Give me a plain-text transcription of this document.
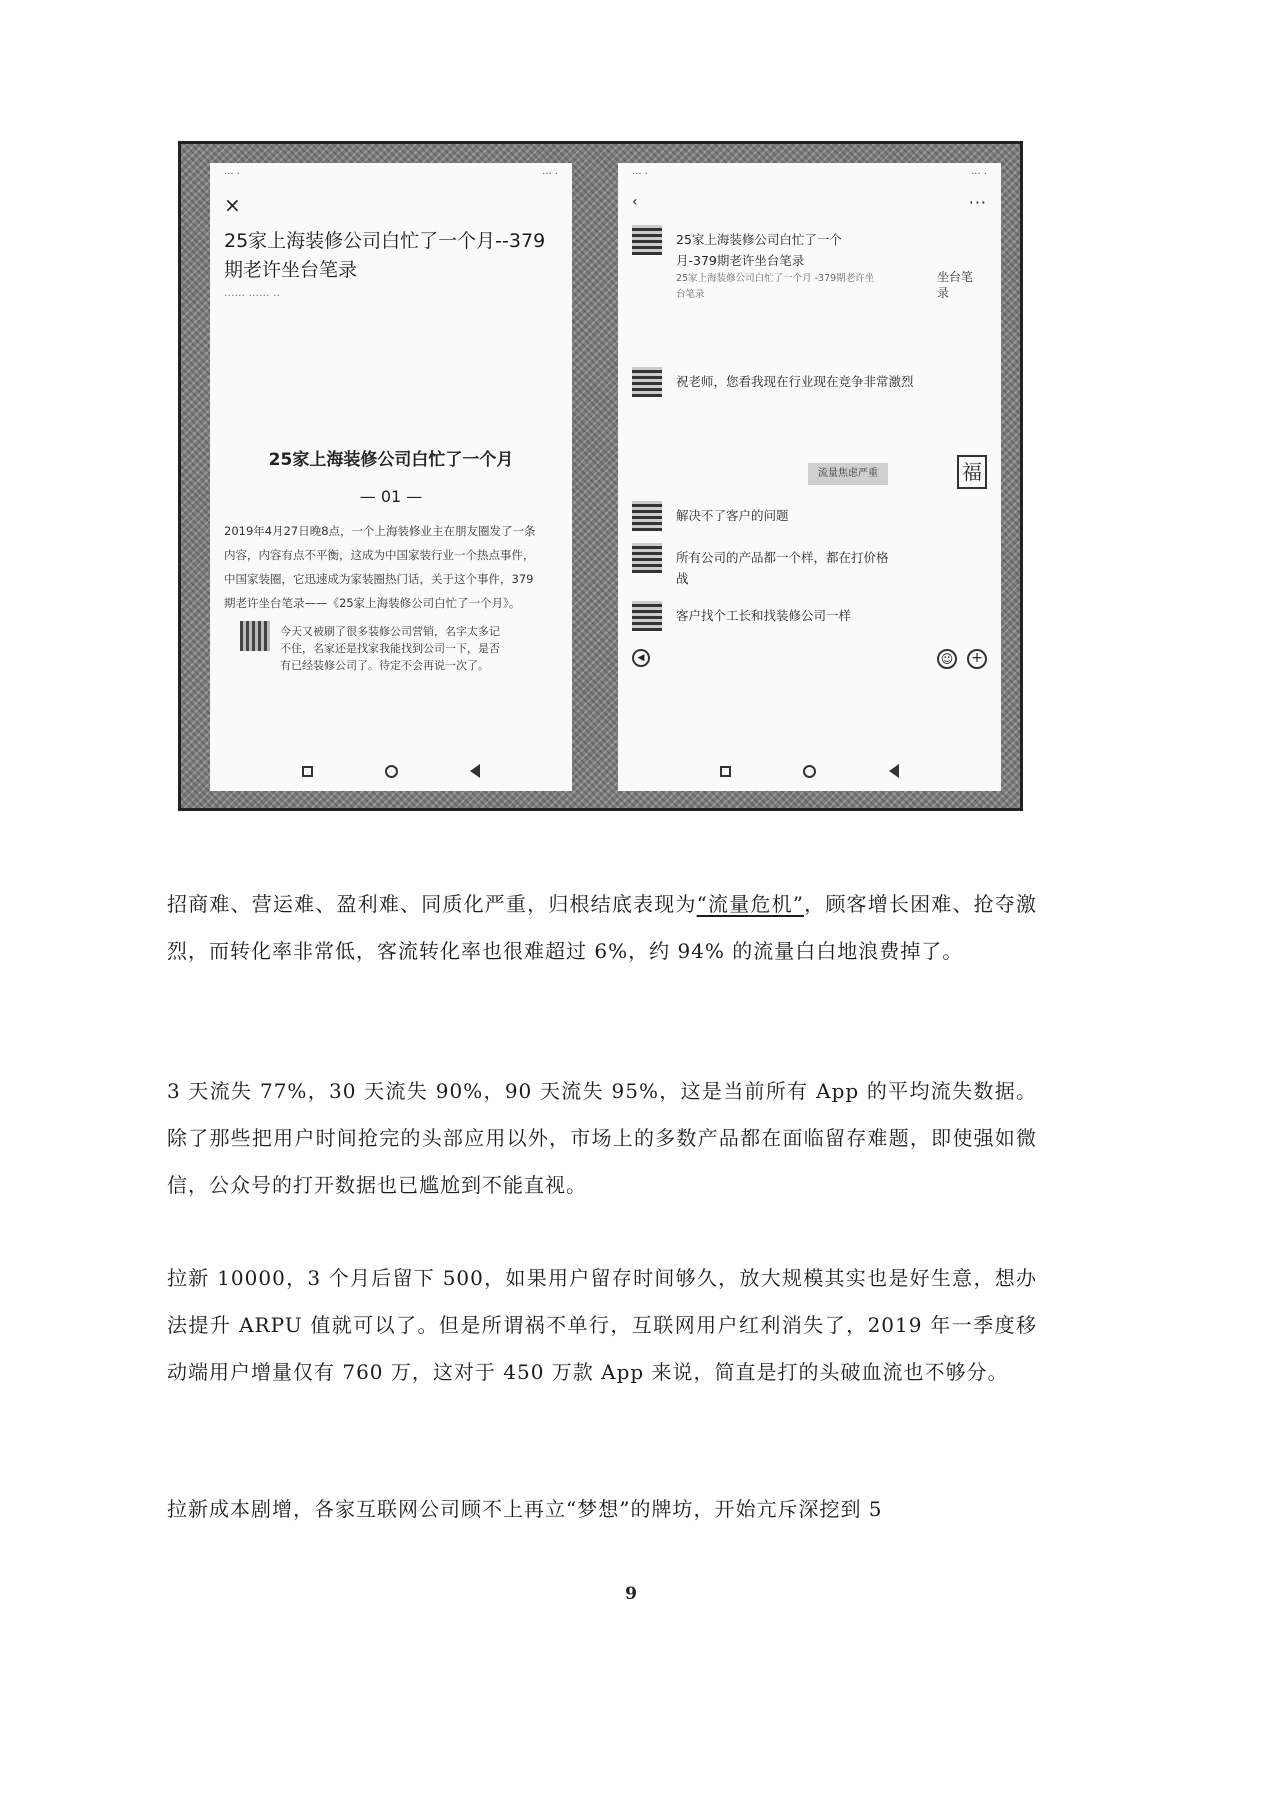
··· ·	··· ·
×
25家上海装修公司白忙了一个月--379期老许坐台笔录
······ ······ ··
25家上海装修公司白忙了一个月
— 01 —
2019年4月27日晚8点，一个上海装修业主在朋友圈发了一条内容，内容有点不平衡，这成为中国家装行业一个热点事件，中国家装圈，它迅速成为家装圈热门话，关于这个事件，379期老许坐台笔录——《25家上海装修公司白忙了一个月》。
今天又被刷了很多装修公司营销，名字太多记不住，名家还是找家我能找到公司一下，是否有已经装修公司了。待定不会再说一次了。
··· ·	··· ·
‹	···
25家上海装修公司白忙了一个月-379期老许坐台笔录
25家上海装修公司白忙了一个月 -379期老许坐台笔录
坐台笔录
祝老师，您看我现在行业现在竞争非常激烈
流量焦虑严重	福
解决不了客户的问题
所有公司的产品都一个样，都在打价格战
客户找个工长和找装修公司一样
◀	☺ +
招商难、营运难、盈利难、同质化严重，归根结底表现为“流量危机”，顾客增长困难、抢夺激烈，而转化率非常低，客流转化率也很难超过 6%，约 94% 的流量白白地浪费掉了。
3 天流失 77%，30 天流失 90%，90 天流失 95%，这是当前所有 App 的平均流失数据。除了那些把用户时间抢完的头部应用以外，市场上的多数产品都在面临留存难题，即使强如微信，公众号的打开数据也已尴尬到不能直视。
拉新 10000，3 个月后留下 500，如果用户留存时间够久，放大规模其实也是好生意，想办法提升 ARPU 值就可以了。但是所谓祸不单行，互联网用户红利消失了，2019 年一季度移动端用户增量仅有 760 万，这对于 450 万款 App 来说，简直是打的头破血流也不够分。
拉新成本剧增，各家互联网公司顾不上再立“梦想”的牌坊，开始亢斥深挖到 5
9
